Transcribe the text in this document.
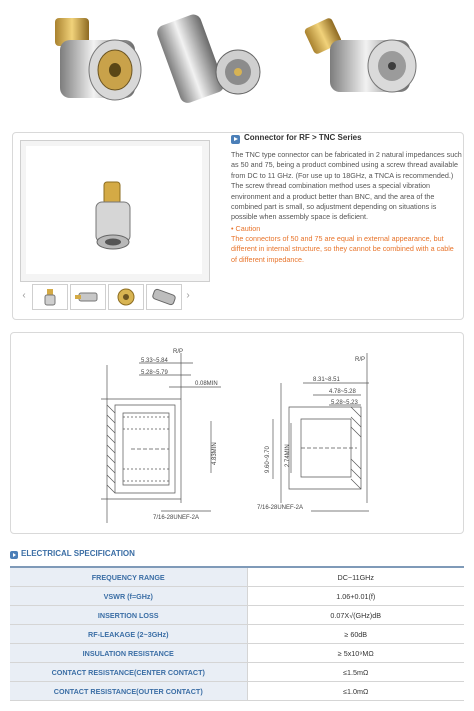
‹	›
Connector for RF > TNC Series
The TNC type connector can be fabricated in 2 natural impedances such as 50 and 75, being a product combined using a screw thread available from DC to 11 GHz. (For use up to 18GHz, a TNCA is recommended.) The screw thread combination method uses a special vibration environment and a product better than BNC, and the area of the combined part is small, so adjustment depending on situations is possible when assembly space is deficient.
• Caution
The connectors of 50 and 75 are equal in external appearance, but different in internal structure, so they cannot be combined with a cable of different impedance.
R/P
5.33~5.84
5.28~5.79
0.08MIN
4.83MIN
7/16-28UNEF-2A
R/P
8.31~8.51
4.78~5.28
5.28~5.23
9.60~9.70 2.74MIN
7/16-28UNEF-2A
ELECTRICAL SPECIFICATION
FREQUENCY RANGE	DC~11GHz
VSWR (f=GHz)	1.06+0.01(f)
INSERTION LOSS	0.07X√(GHz)dB
RF-LEAKAGE (2~3GHz)	≥ 60dB
INSULATION RESISTANCE	≥ 5x10⁹MΩ
CONTACT RESISTANCE(CENTER CONTACT)	≤1.5mΩ
CONTACT RESISTANCE(OUTER CONTACT)	≤1.0mΩ
